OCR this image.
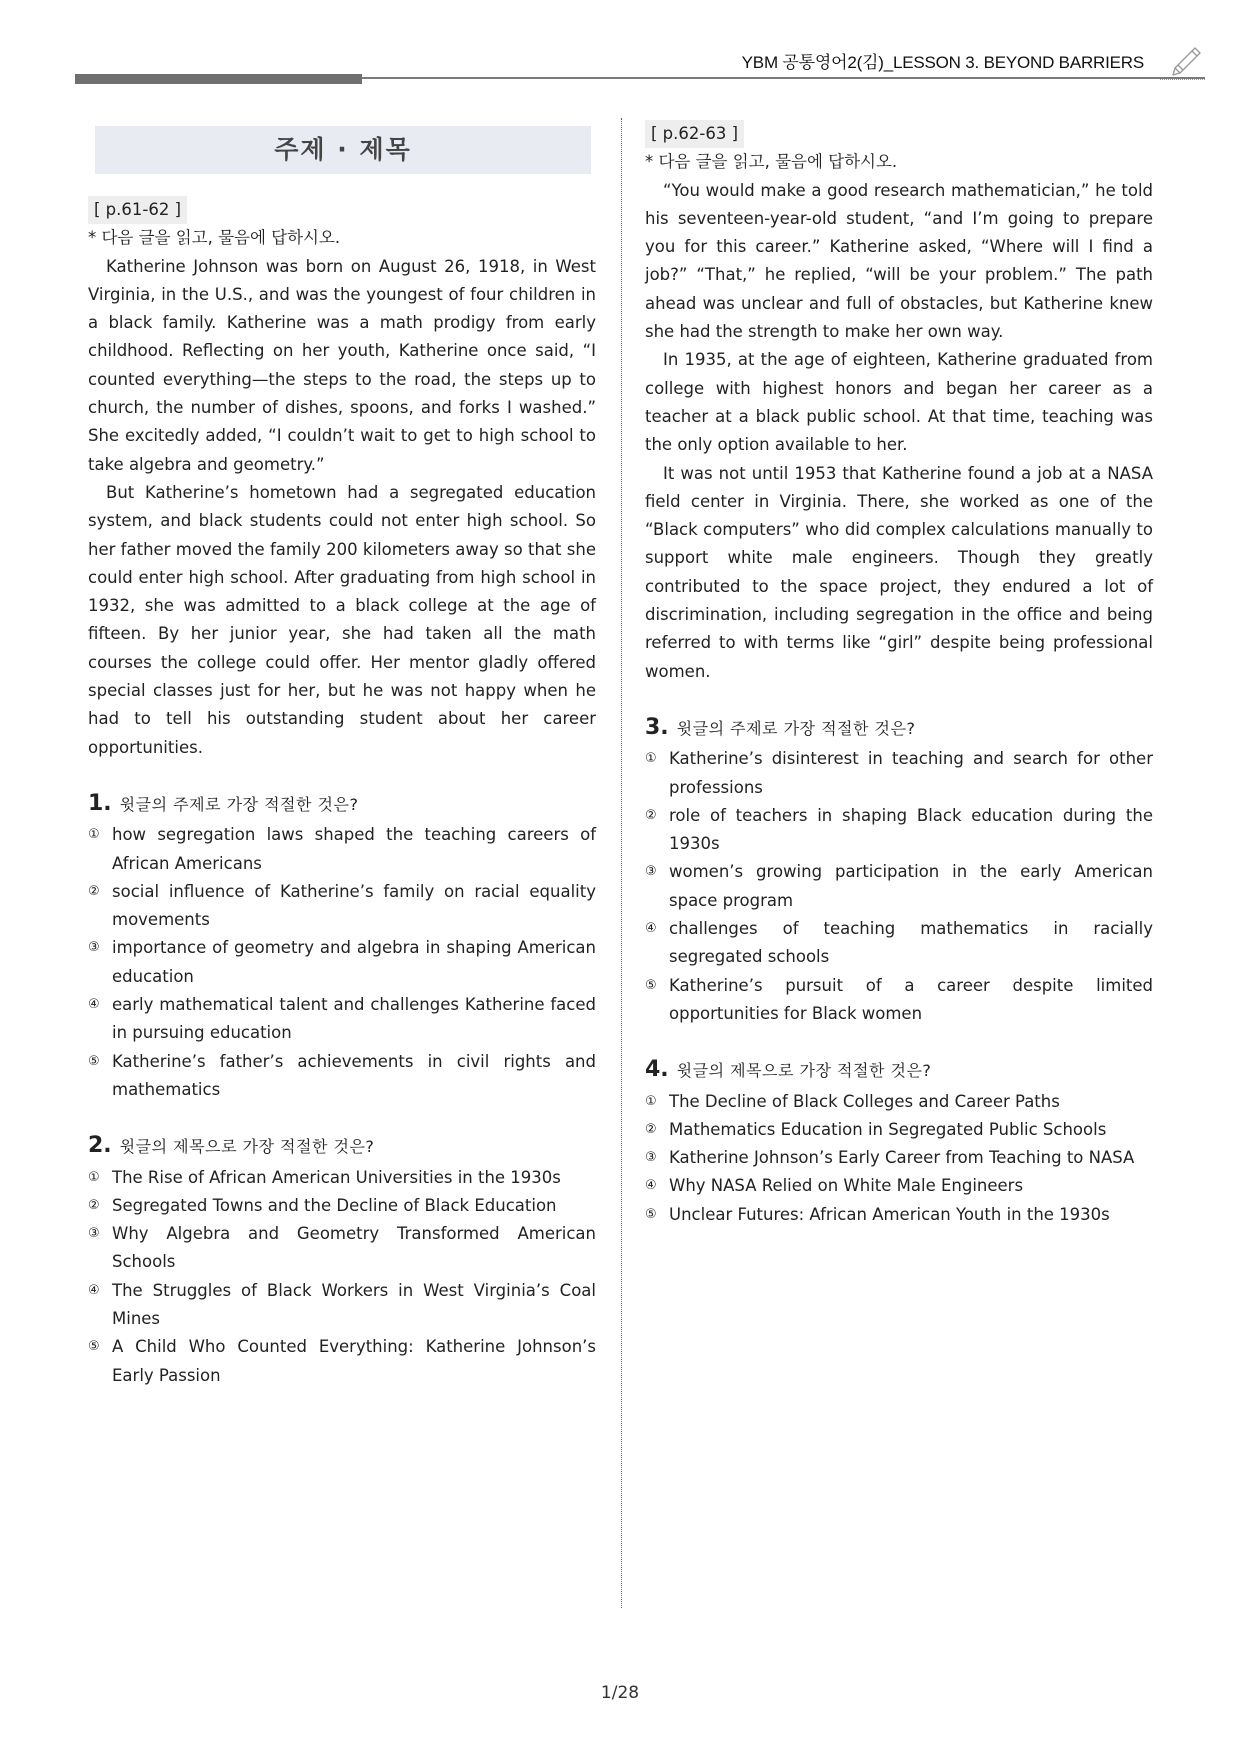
YBM 공통영어2(김)_LESSON 3. BEYOND BARRIERS
주제 · 제목
[ p.61-62 ]

* 다음 글을 읽고, 물음에 답하시오.

Katherine Johnson was born on August 26, 1918, in West Virginia, in the U.S., and was the youngest of four children in a black family. Katherine was a math prodigy from early childhood. Reflecting on her youth, Katherine once said, “I counted everything—the steps to the road, the steps up to church, the number of dishes, spoons, and forks I washed.” She excitedly added, “I couldn’t wait to get to high school to take algebra and geometry.”

But Katherine’s hometown had a segregated education system, and black students could not enter high school. So her father moved the family 200 kilometers away so that she could enter high school. After graduating from high school in 1932, she was admitted to a black college at the age of fifteen. By her junior year, she had taken all the math courses the college could offer. Her mentor gladly offered special classes just for her, but he was not happy when he had to tell his outstanding student about her career opportunities.

1. 윗글의 주제로 가장 적절한 것은?

① how segregation laws shaped the teaching careers of African Americans
② social influence of Katherine’s family on racial equality movements
③ importance of geometry and algebra in shaping American education
④ early mathematical talent and challenges Katherine faced in pursuing education
⑤ Katherine’s father’s achievements in civil rights and mathematics

2. 윗글의 제목으로 가장 적절한 것은?

① The Rise of African American Universities in the 1930s
② Segregated Towns and the Decline of Black Education
③ Why Algebra and Geometry Transformed American Schools
④ The Struggles of Black Workers in West Virginia’s Coal Mines
⑤ A Child Who Counted Everything: Katherine Johnson’s Early Passion
[ p.62-63 ]

* 다음 글을 읽고, 물음에 답하시오.

“You would make a good research mathematician,” he told his seventeen-year-old student, “and I’m going to prepare you for this career.” Katherine asked, “Where will I find a job?” “That,” he replied, “will be your problem.” The path ahead was unclear and full of obstacles, but Katherine knew she had the strength to make her own way.

In 1935, at the age of eighteen, Katherine graduated from college with highest honors and began her career as a teacher at a black public school. At that time, teaching was the only option available to her.

It was not until 1953 that Katherine found a job at a NASA field center in Virginia. There, she worked as one of the “Black computers” who did complex calculations manually to support white male engineers. Though they greatly contributed to the space project, they endured a lot of discrimination, including segregation in the office and being referred to with terms like “girl” despite being professional women.

3. 윗글의 주제로 가장 적절한 것은?

① Katherine’s disinterest in teaching and search for other professions
② role of teachers in shaping Black education during the 1930s
③ women’s growing participation in the early American space program
④ challenges of teaching mathematics in racially segregated schools
⑤ Katherine’s pursuit of a career despite limited opportunities for Black women

4. 윗글의 제목으로 가장 적절한 것은?

① The Decline of Black Colleges and Career Paths
② Mathematics Education in Segregated Public Schools
③ Katherine Johnson’s Early Career from Teaching to NASA
④ Why NASA Relied on White Male Engineers
⑤ Unclear Futures: African American Youth in the 1930s
1/28
